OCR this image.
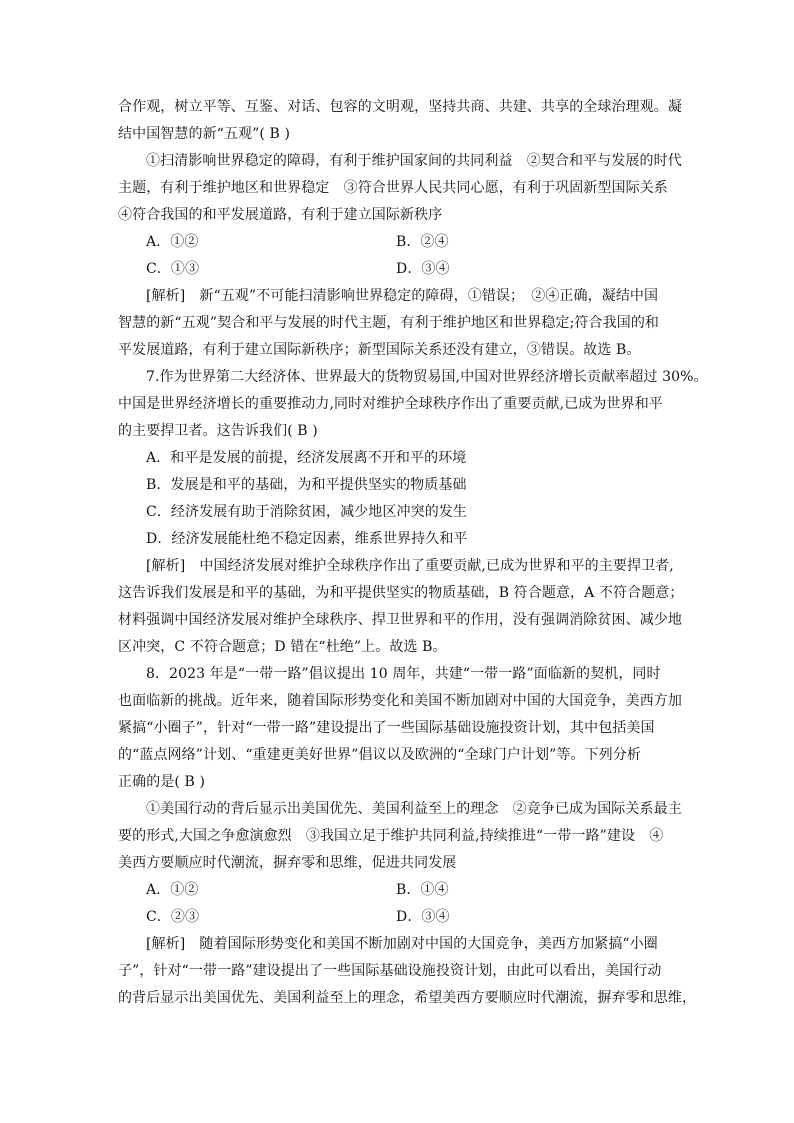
合作观，树立平等、互鉴、对话、包容的文明观，坚持共商、共建、共享的全球治理观。凝
结中国智慧的新“五观”( B )
①扫清影响世界稳定的障碍，有利于维护国家间的共同利益　②契合和平与发展的时代
主题，有利于维护地区和世界稳定　③符合世界人民共同心愿，有利于巩固新型国际关系
④符合我国的和平发展道路，有利于建立国际新秩序
A．①②	B．②④
C．①③	D．③④
[解析]　新“五观”不可能扫清影响世界稳定的障碍，①错误；　②④正确，凝结中国
智慧的新“五观”契合和平与发展的时代主题，有利于维护地区和世界稳定;符合我国的和
平发展道路，有利于建立国际新秩序；新型国际关系还没有建立，③错误。故选 B。
7.作为世界第二大经济体、世界最大的货物贸易国,中国对世界经济增长贡献率超过 30%。
中国是世界经济增长的重要推动力,同时对维护全球秩序作出了重要贡献,已成为世界和平
的主要捍卫者。这告诉我们( B )
A．和平是发展的前提，经济发展离不开和平的环境
B．发展是和平的基础，为和平提供坚实的物质基础
C．经济发展有助于消除贫困，减少地区冲突的发生
D．经济发展能杜绝不稳定因素，维系世界持久和平
[解析]　中国经济发展对维护全球秩序作出了重要贡献,已成为世界和平的主要捍卫者,
这告诉我们发展是和平的基础，为和平提供坚实的物质基础，B 符合题意，A 不符合题意；
材料强调中国经济发展对维护全球秩序、捍卫世界和平的作用，没有强调消除贫困、减少地
区冲突，C 不符合题意；D 错在“杜绝”上。故选 B。
8．2023 年是“一带一路”倡议提出 10 周年，共建“一带一路”面临新的契机，同时
也面临新的挑战。近年来，随着国际形势变化和美国不断加剧对中国的大国竞争，美西方加
紧搞“小圈子”，针对“一带一路”建设提出了一些国际基础设施投资计划，其中包括美国
的“蓝点网络”计划、“重建更美好世界”倡议以及欧洲的“全球门户计划”等。下列分析
正确的是( B )
①美国行动的背后显示出美国优先、美国利益至上的理念　②竞争已成为国际关系最主
要的形式,大国之争愈演愈烈　③我国立足于维护共同利益,持续推进“一带一路”建设　④
美西方要顺应时代潮流，摒弃零和思维，促进共同发展
A．①②	B．①④
C．②③	D．③④
[解析]　随着国际形势变化和美国不断加剧对中国的大国竞争，美西方加紧搞“小圈
子”，针对“一带一路”建设提出了一些国际基础设施投资计划，由此可以看出，美国行动
的背后显示出美国优先、美国利益至上的理念，希望美西方要顺应时代潮流，摒弃零和思维，
